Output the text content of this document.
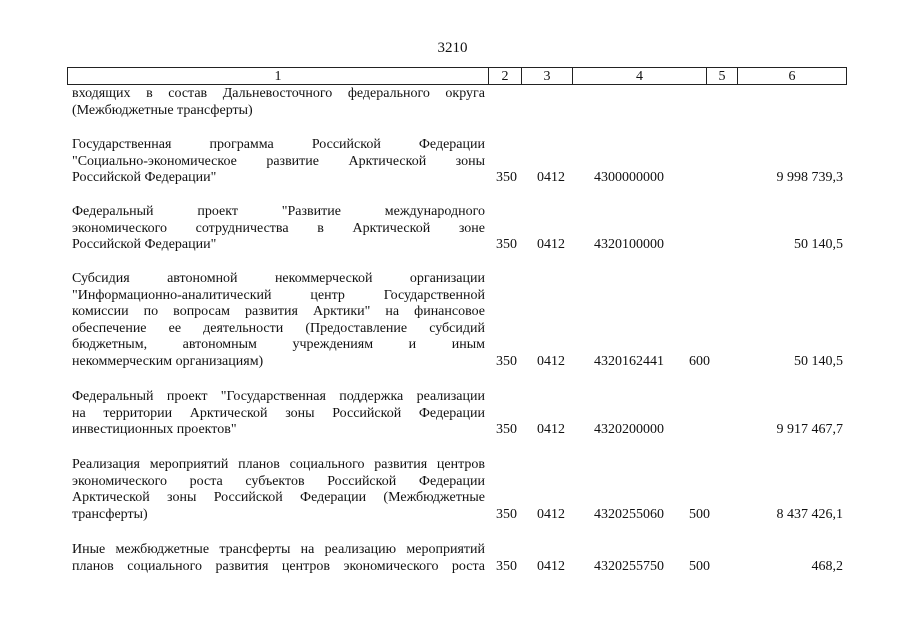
3210
1	2	3	4	5	6
входящих в состав Дальневосточного федерального округа
(Межбюджетные трансферты)
Государственная программа Российской Федерации
"Социально-экономическое развитие Арктической зоны
Российской Федерации"	350 0412 4300000000	9 998 739,3
Федеральный проект "Развитие международного
экономического сотрудничества в Арктической зоне
Российской Федерации"	350 0412 4320100000	50 140,5
Субсидия автономной некоммерческой организации
"Информационно-аналитический центр Государственной
комиссии по вопросам развития Арктики" на финансовое
обеспечение ее деятельности (Предоставление субсидий
бюджетным, автономным учреждениям и иным
некоммерческим организациям)	350 0412 4320162441 600	50 140,5
Федеральный проект "Государственная поддержка реализации
на территории Арктической зоны Российской Федерации
инвестиционных проектов"	350 0412 4320200000	9 917 467,7
Реализация мероприятий планов социального развития центров
экономического роста субъектов Российской Федерации
Арктической зоны Российской Федерации (Межбюджетные
трансферты)	350 0412 4320255060 500	8 437 426,1
Иные межбюджетные трансферты на реализацию мероприятий
планов социального развития центров экономического роста 350 0412 4320255750 500	468,2
